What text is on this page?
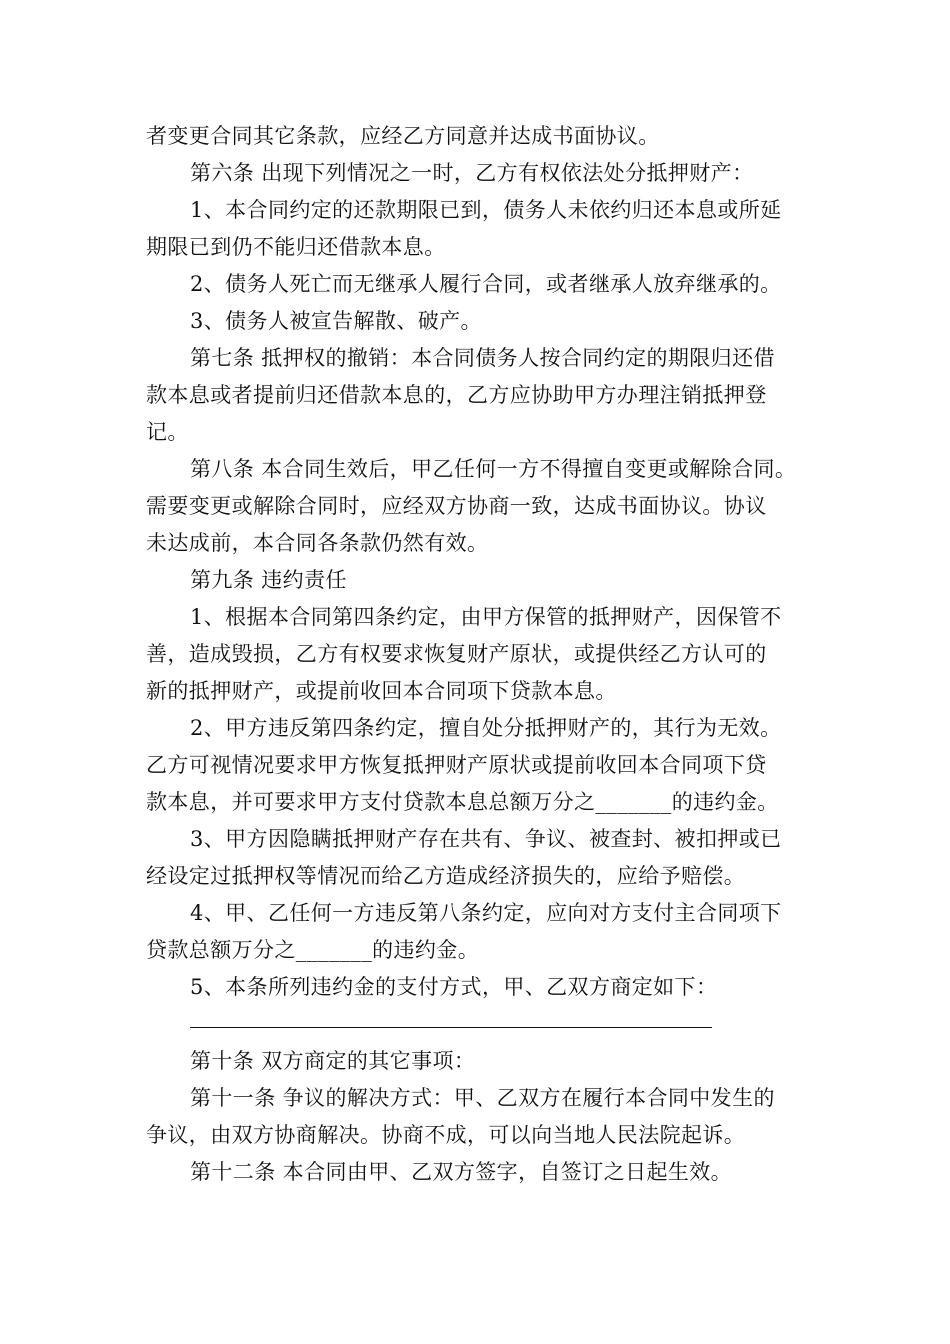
者变更合同其它条款，应经乙方同意并达成书面协议。
第六条 出现下列情况之一时，乙方有权依法处分抵押财产：
1、本合同约定的还款期限已到，债务人未依约归还本息或所延
期限已到仍不能归还借款本息。
2、债务人死亡而无继承人履行合同，或者继承人放弃继承的。
3、债务人被宣告解散、破产。
第七条 抵押权的撤销：本合同债务人按合同约定的期限归还借
款本息或者提前归还借款本息的，乙方应协助甲方办理注销抵押登
记。
第八条 本合同生效后，甲乙任何一方不得擅自变更或解除合同。
需要变更或解除合同时，应经双方协商一致，达成书面协议。协议
未达成前，本合同各条款仍然有效。
第九条 违约责任
1、根据本合同第四条约定，由甲方保管的抵押财产，因保管不
善，造成毁损，乙方有权要求恢复财产原状，或提供经乙方认可的
新的抵押财产，或提前收回本合同项下贷款本息。
2、甲方违反第四条约定，擅自处分抵押财产的，其行为无效。
乙方可视情况要求甲方恢复抵押财产原状或提前收回本合同项下贷
款本息，并可要求甲方支付贷款本息总额万分之_______的违约金。
3、甲方因隐瞒抵押财产存在共有、争议、被查封、被扣押或已
经设定过抵押权等情况而给乙方造成经济损失的，应给予赔偿。
4、甲、乙任何一方违反第八条约定，应向对方支付主合同项下
贷款总额万分之_______的违约金。
5、本条所列违约金的支付方式，甲、乙双方商定如下：
第十条 双方商定的其它事项：
第十一条 争议的解决方式：甲、乙双方在履行本合同中发生的
争议，由双方协商解决。协商不成，可以向当地人民法院起诉。
第十二条 本合同由甲、乙双方签字，自签订之日起生效。
